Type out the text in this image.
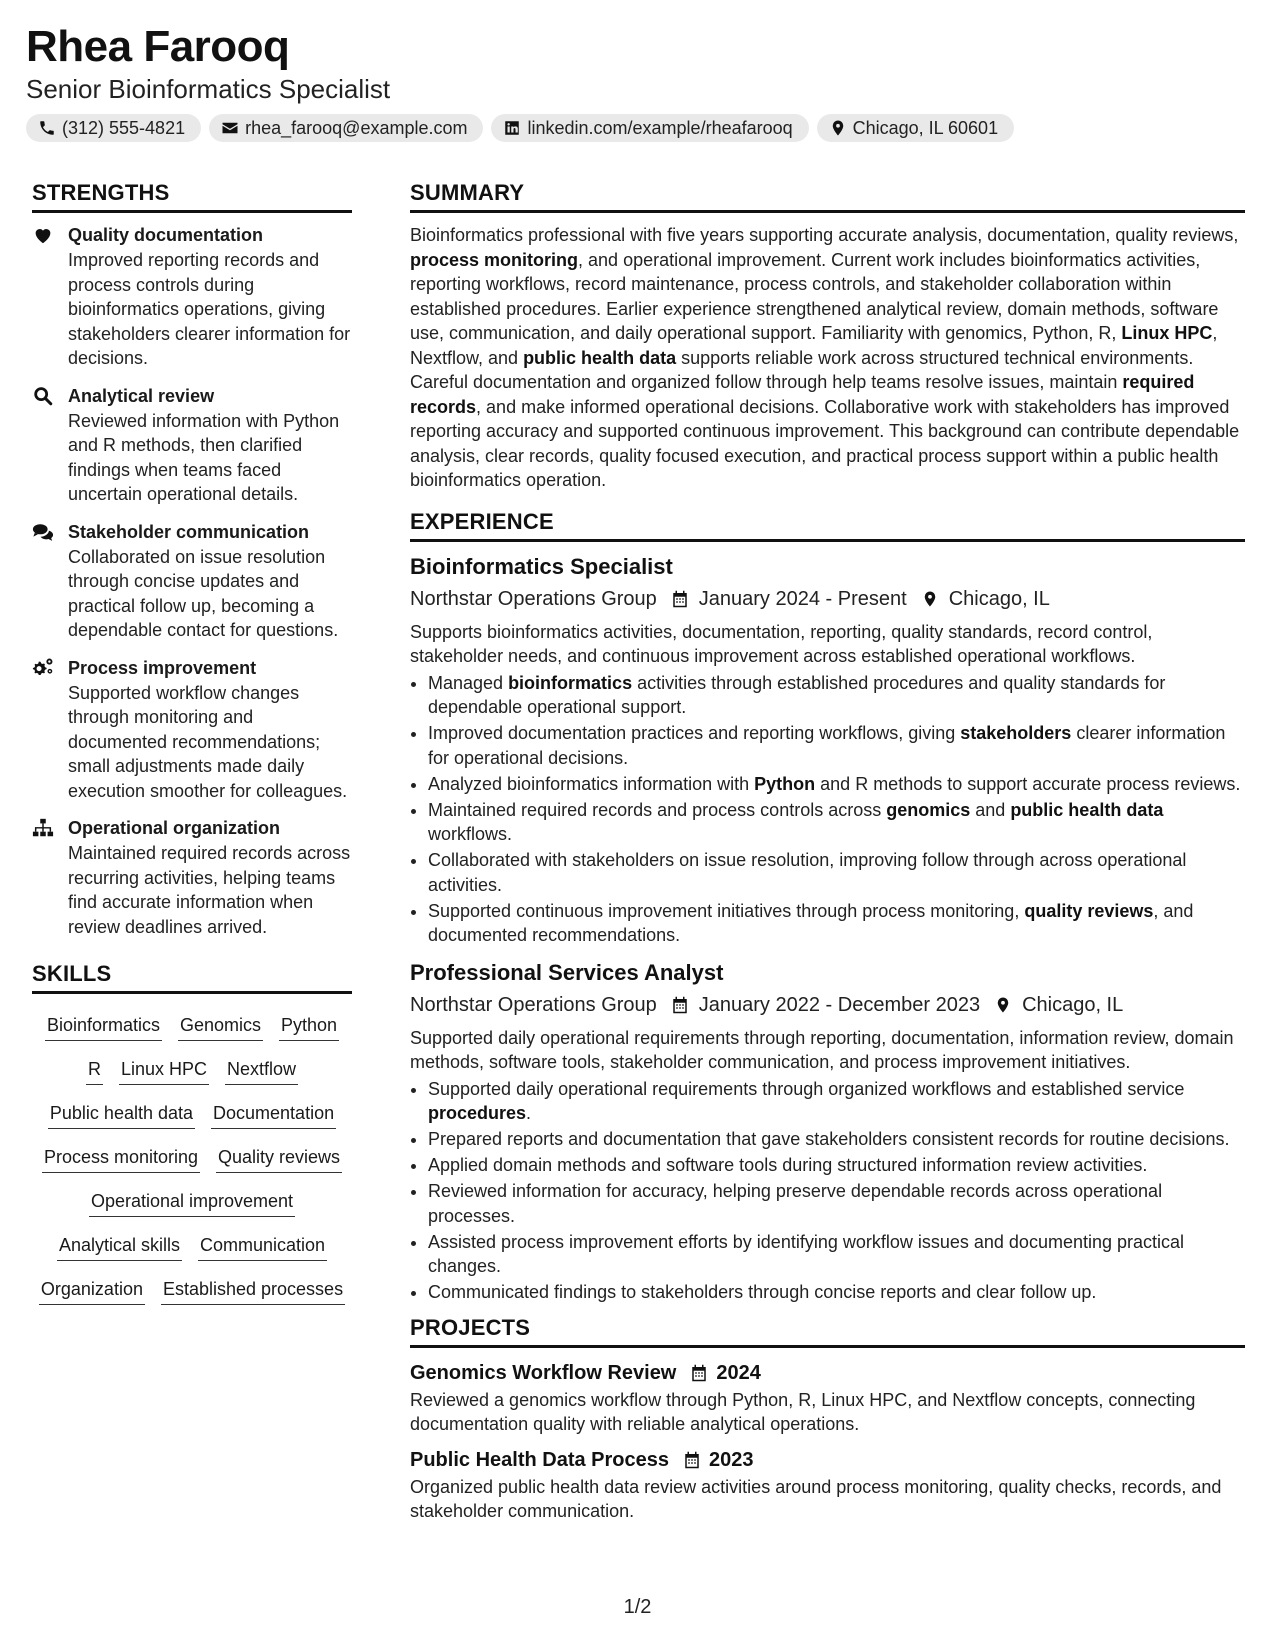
Rhea Farooq
Senior Bioinformatics Specialist
(312) 555-4821	rhea_farooq@example.com	linkedin.com/example/rheafarooq	Chicago, IL 60601
STRENGTHS
Quality documentation
Improved reporting records and process controls during bioinformatics operations, giving stakeholders clearer information for decisions.
Analytical review
Reviewed information with Python and R methods, then clarified findings when teams faced uncertain operational details.
Stakeholder communication
Collaborated on issue resolution through concise updates and practical follow up, becoming a dependable contact for questions.
Process improvement
Supported workflow changes through monitoring and documented recommendations; small adjustments made daily execution smoother for colleagues.
Operational organization
Maintained required records across recurring activities, helping teams find accurate information when review deadlines arrived.
SKILLS
Bioinformatics Genomics Python
R Linux HPC Nextflow
Public health data Documentation
Process monitoring Quality reviews
Operational improvement
Analytical skills Communication
Organization Established processes
SUMMARY
Bioinformatics professional with five years supporting accurate analysis, documentation, quality reviews, process monitoring, and operational improvement. Current work includes bioinformatics activities, reporting workflows, record maintenance, process controls, and stakeholder collaboration within established procedures. Earlier experience strengthened analytical review, domain methods, software use, communication, and daily operational support. Familiarity with genomics, Python, R, Linux HPC, Nextflow, and public health data supports reliable work across structured technical environments. Careful documentation and organized follow through help teams resolve issues, maintain required records, and make informed operational decisions. Collaborative work with stakeholders has improved reporting accuracy and supported continuous improvement. This background can contribute dependable analysis, clear records, quality focused execution, and practical process support within a public health bioinformatics operation.
EXPERIENCE
Bioinformatics Specialist
Northstar Operations Group January 2024 - Present Chicago, IL
Supports bioinformatics activities, documentation, reporting, quality standards, record control, stakeholder needs, and continuous improvement across established operational workflows.
• Managed bioinformatics activities through established procedures and quality standards for dependable operational support.
• Improved documentation practices and reporting workflows, giving stakeholders clearer information for operational decisions.
• Analyzed bioinformatics information with Python and R methods to support accurate process reviews.
• Maintained required records and process controls across genomics and public health data workflows.
• Collaborated with stakeholders on issue resolution, improving follow through across operational activities.
• Supported continuous improvement initiatives through process monitoring, quality reviews, and documented recommendations.
Professional Services Analyst
Northstar Operations Group January 2022 - December 2023 Chicago, IL
Supported daily operational requirements through reporting, documentation, information review, domain methods, software tools, stakeholder communication, and process improvement initiatives.
• Supported daily operational requirements through organized workflows and established service procedures.
• Prepared reports and documentation that gave stakeholders consistent records for routine decisions.
• Applied domain methods and software tools during structured information review activities.
• Reviewed information for accuracy, helping preserve dependable records across operational processes.
• Assisted process improvement efforts by identifying workflow issues and documenting practical changes.
• Communicated findings to stakeholders through concise reports and clear follow up.
PROJECTS
Genomics Workflow Review 2024
Reviewed a genomics workflow through Python, R, Linux HPC, and Nextflow concepts, connecting documentation quality with reliable analytical operations.
Public Health Data Process 2023
Organized public health data review activities around process monitoring, quality checks, records, and stakeholder communication.
1/2
